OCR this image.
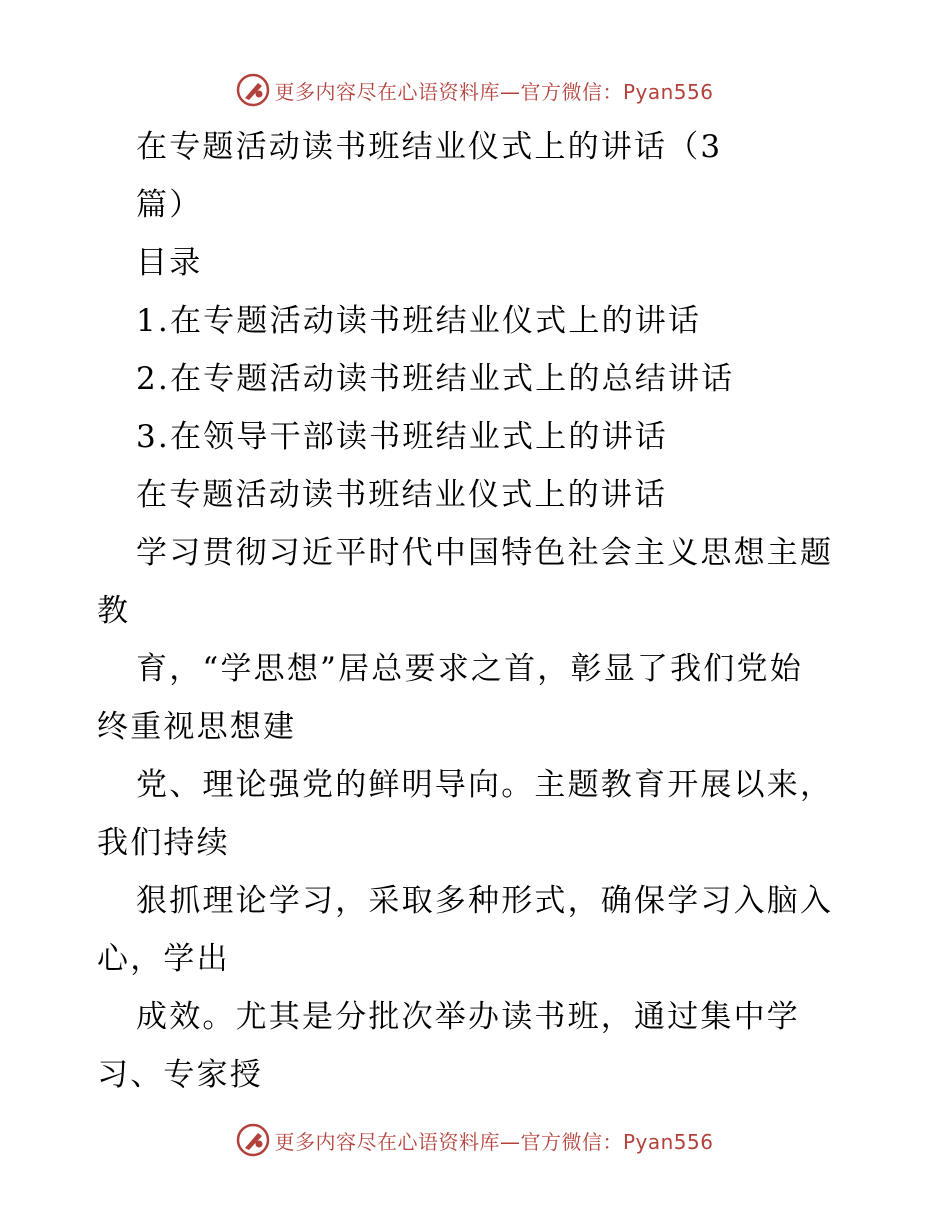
更多内容尽在心语资料库—官方微信：Pyan556
在专题活动读书班结业仪式上的讲话（3
篇）
目录
1.在专题活动读书班结业仪式上的讲话
2.在专题活动读书班结业式上的总结讲话
3.在领导干部读书班结业式上的讲话
在专题活动读书班结业仪式上的讲话
学习贯彻习近平时代中国特色社会主义思想主题
教
育，“学思想”居总要求之首，彰显了我们党始
终重视思想建
党、理论强党的鲜明导向。主题教育开展以来，
我们持续
狠抓理论学习，采取多种形式，确保学习入脑入
心，学出
成效。尤其是分批次举办读书班，通过集中学
习、专家授
更多内容尽在心语资料库—官方微信：Pyan556
